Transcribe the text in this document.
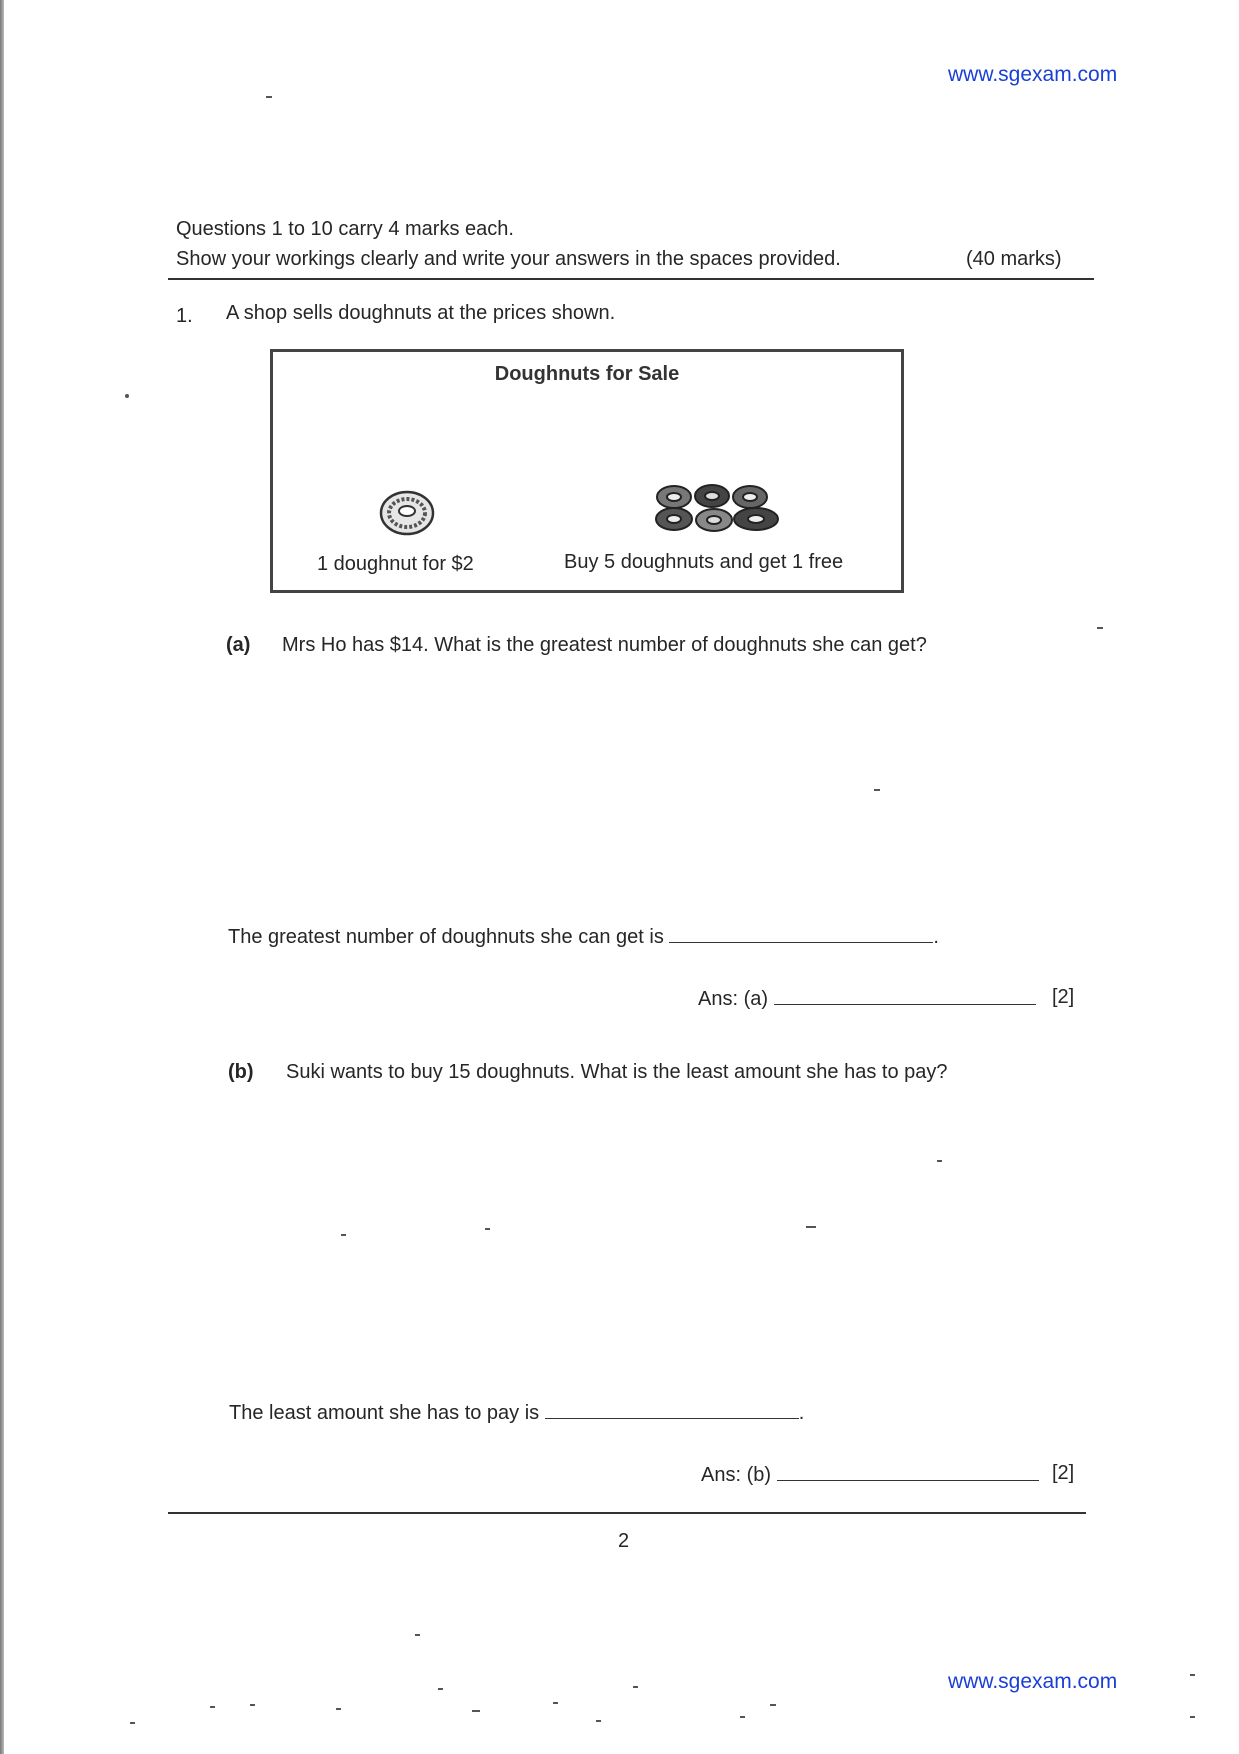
www.sgexam.com
Questions 1 to 10 carry 4 marks each.
Show your workings clearly and write your answers in the spaces provided.	(40 marks)
1. A shop sells doughnuts at the prices shown.
Doughnuts for Sale
1 doughnut for $2	Buy 5 doughnuts and get 1 free
(a) Mrs Ho has $14. What is the greatest number of doughnuts she can get?
The greatest number of doughnuts she can get is	.
Ans: (a)	[2]
(b) Suki wants to buy 15 doughnuts. What is the least amount she has to pay?
The least amount she has to pay is	.
Ans: (b)	[2]
2
www.sgexam.com
